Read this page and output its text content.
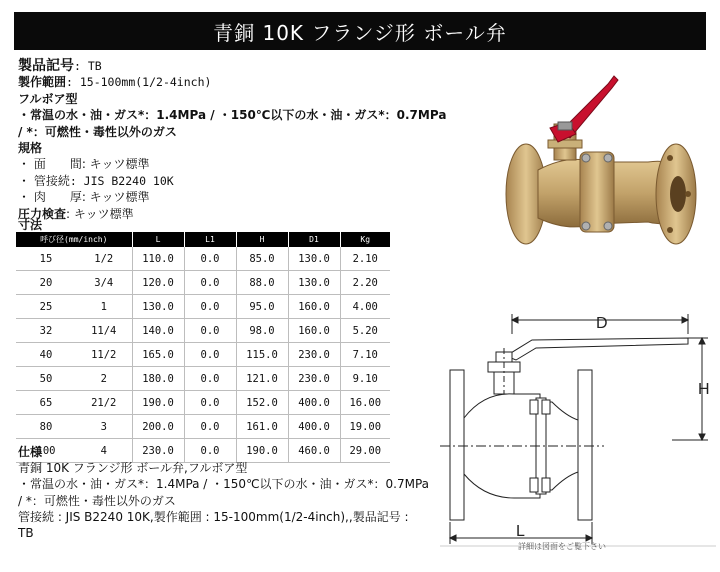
青銅 10K フランジ形 ボール弁
製品記号: TB
製作範囲: 15-100mm(1/2-4inch)
フルボア型
・常温の水・油・ガス*：1.4MPa / ・150℃以下の水・油・ガス*：0.7MPa
/ *：可燃性・毒性以外のガス
規格
・ 面　　間: キッツ標準
・ 管接続: JIS B2240 10K
・ 肉　　厚: キッツ標準
圧力検査: キッツ標準
寸法
呼び径(mm/inch)		L	L1	H	D1	Kg
15	1/2	110.0	0.0	85.0	130.0	2.10
20	3/4	120.0	0.0	88.0	130.0	2.20
25	1	130.0	0.0	95.0	160.0	4.00
32	11/4	140.0	0.0	98.0	160.0	5.20
40	11/2	165.0	0.0	115.0	230.0	7.10
50	2	180.0	0.0	121.0	230.0	9.10
65	21/2	190.0	0.0	152.0	400.0	16.00
80	3	200.0	0.0	161.0	400.0	19.00
100	4	230.0	0.0	190.0	460.0	29.00
仕様
青銅 10K フランジ形 ボール弁,フルボア型
・常温の水・油・ガス*：1.4MPa / ・150℃以下の水・油・ガス*：0.7MPa
/ *：可燃性・毒性以外のガス
管接続 : JIS B2240 10K,製作範囲 : 15-100mm(1/2-4inch),,製品記号 :
TB
D
H
L
詳細は図面をご覧下さい
